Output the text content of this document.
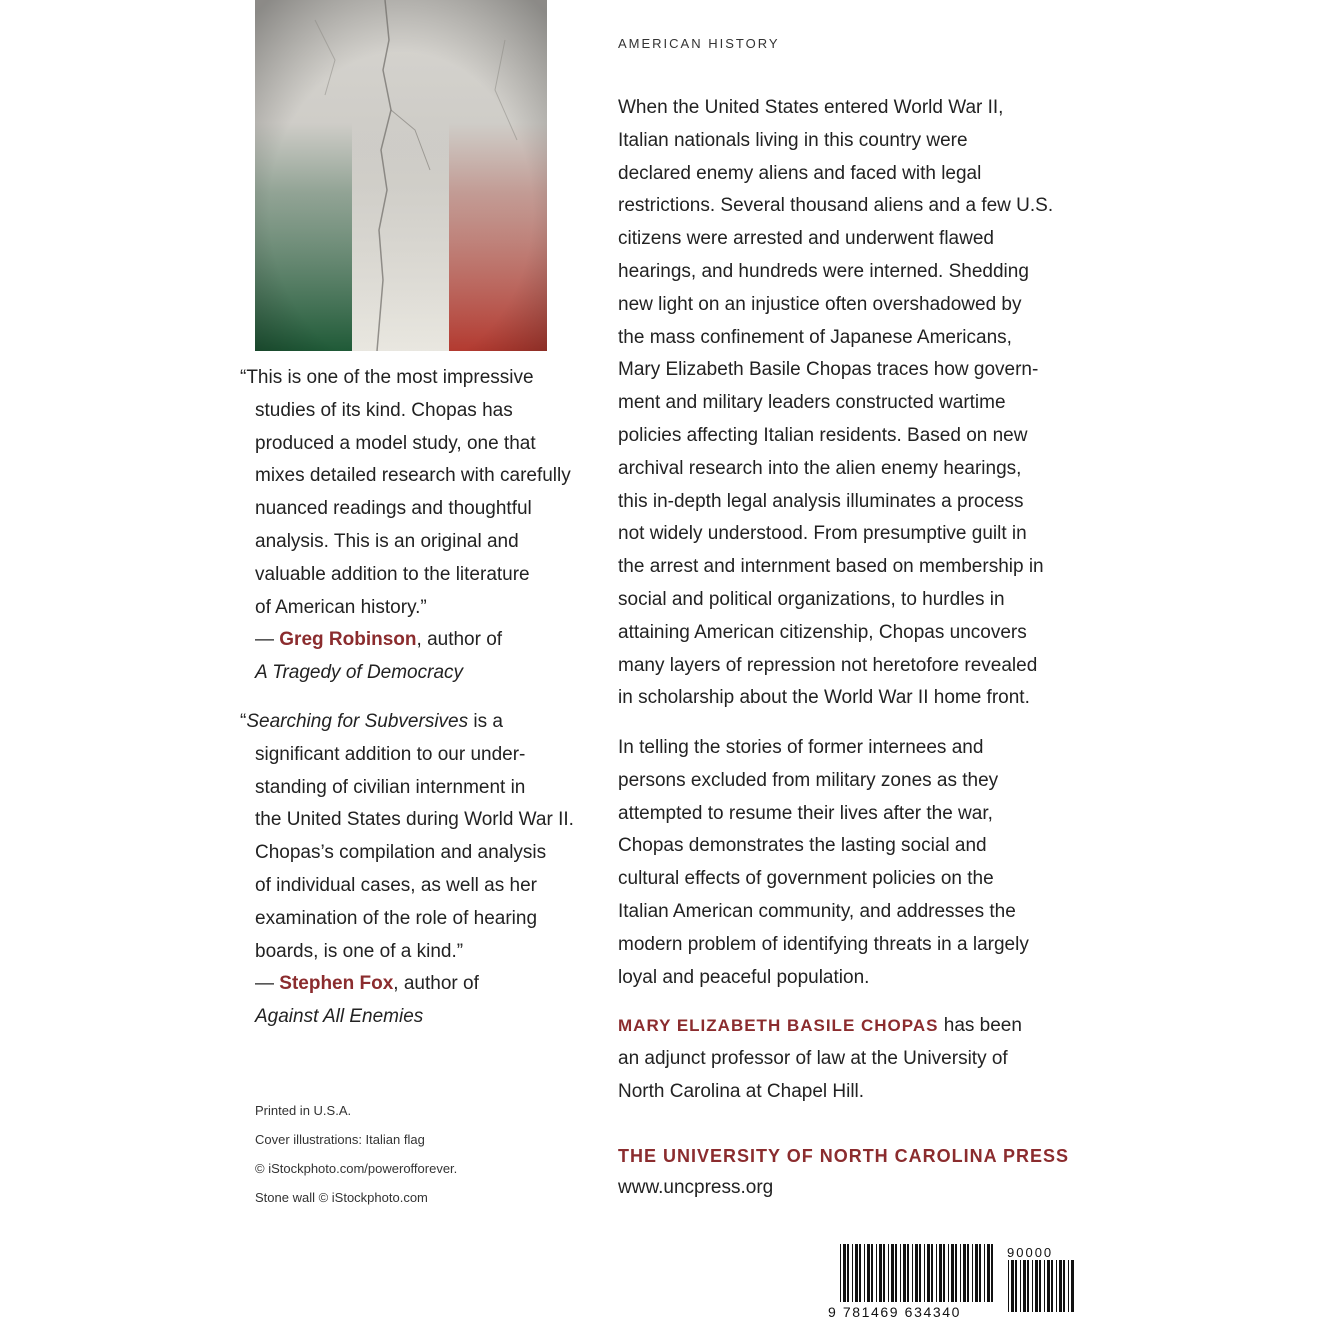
“This is one of the most impressive
studies of its kind. Chopas has
produced a model study, one that
mixes detailed research with carefully
nuanced readings and thoughtful
analysis. This is an original and
valuable addition to the literature
of American history.”
— Greg Robinson, author of
A Tragedy of Democracy
“Searching for Subversives is a
significant addition to our under-
standing of civilian internment in
the United States during World War II.
Chopas’s compilation and analysis
of individual cases, as well as her
examination of the role of hearing
boards, is one of a kind.”
— Stephen Fox, author of
Against All Enemies
Printed in U.S.A.
Cover illustrations: Italian flag
© iStockphoto.com/powerofforever.
Stone wall © iStockphoto.com
AMERICAN HISTORY

When the United States entered World War II,
Italian nationals living in this country were
declared enemy aliens and faced with legal
restrictions. Several thousand aliens and a few U.S.
citizens were arrested and underwent flawed
hearings, and hundreds were interned. Shedding
new light on an injustice often overshadowed by
the mass confinement of Japanese Americans,
Mary Elizabeth Basile Chopas traces how govern-
ment and military leaders constructed wartime
policies affecting Italian residents. Based on new
archival research into the alien enemy hearings,
this in-depth legal analysis illuminates a process
not widely understood. From presumptive guilt in
the arrest and internment based on membership in
social and political organizations, to hurdles in
attaining American citizenship, Chopas uncovers
many layers of repression not heretofore revealed
in scholarship about the World War II home front.

In telling the stories of former internees and
persons excluded from military zones as they
attempted to resume their lives after the war,
Chopas demonstrates the lasting social and
cultural effects of government policies on the
Italian American community, and addresses the
modern problem of identifying threats in a largely
loyal and peaceful population.

MARY ELIZABETH BASILE CHOPAS has been
an adjunct professor of law at the University of
North Carolina at Chapel Hill.

THE UNIVERSITY OF NORTH CAROLINA PRESS
www.uncpress.org
90000
9 781469 634340
